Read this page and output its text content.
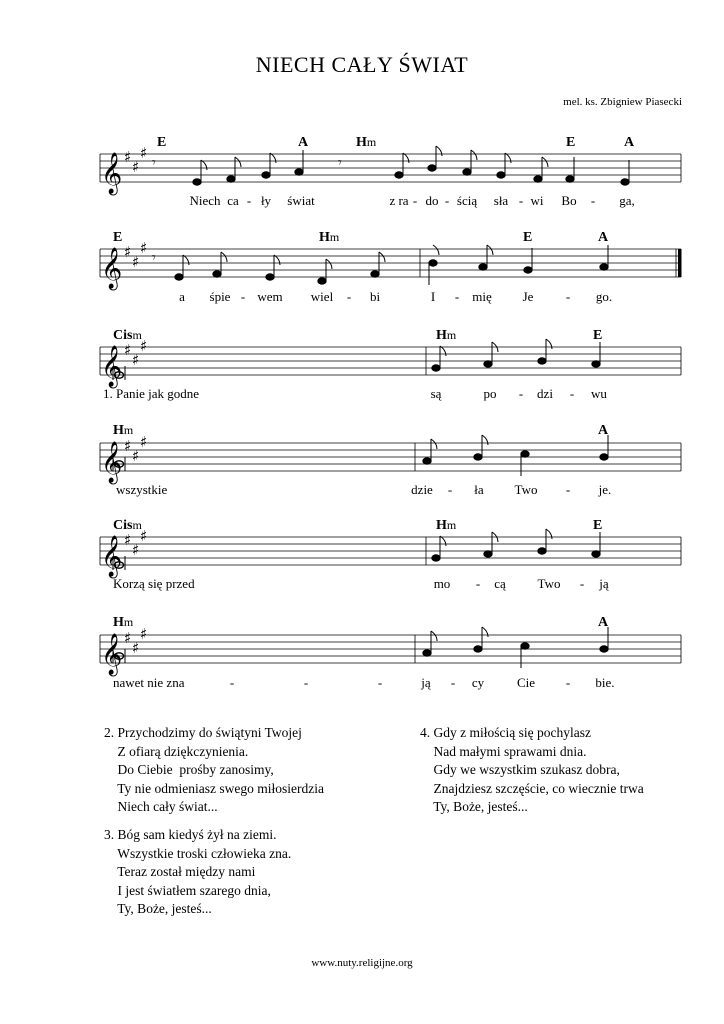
NIECH CAŁY ŚWIAT
mel. ks. Zbigniew Piasecki
𝄞 ♯
♯
♯
𝄾	𝄾
E	A	Hm	E	A
Niech ca - ły świat	z ra - do - ścią sła - wi Bo - ga,
𝄞 ♯
♯
♯
𝄾
E	Hm	E	A
a śpie - wem wiel - bi	I - mię Je - go.
𝄞 ♯
♯
♯
Cism	Hm	E
1. Panie jak godne	są	po - dzi - wu
𝄞 ♯
♯
♯
Hm	A
wszystkie	dzie - ła Two - je.
𝄞 ♯
♯
♯
Cism	Hm	E
Korzą się przed	mo - cą Two - ją
𝄞 ♯
♯
♯
Hm	A
nawet nie zna	-	-	-	ją - cy	Cie - bie.
2. Przychodzimy do świątyni Twojej
Z ofiarą dziękczynienia.
Do Ciebie  prośby zanosimy,
Ty nie odmieniasz swego miłosierdzia
Niech cały świat...
4. Gdy z miłością się pochylasz
Nad małymi sprawami dnia.
Gdy we wszystkim szukasz dobra,
Znajdziesz szczęście, co wiecznie trwa
Ty, Boże, jesteś...
3. Bóg sam kiedyś żył na ziemi.
Wszystkie troski człowieka zna.
Teraz został między nami
I jest światłem szarego dnia,
Ty, Boże, jesteś...
www.nuty.religijne.org
